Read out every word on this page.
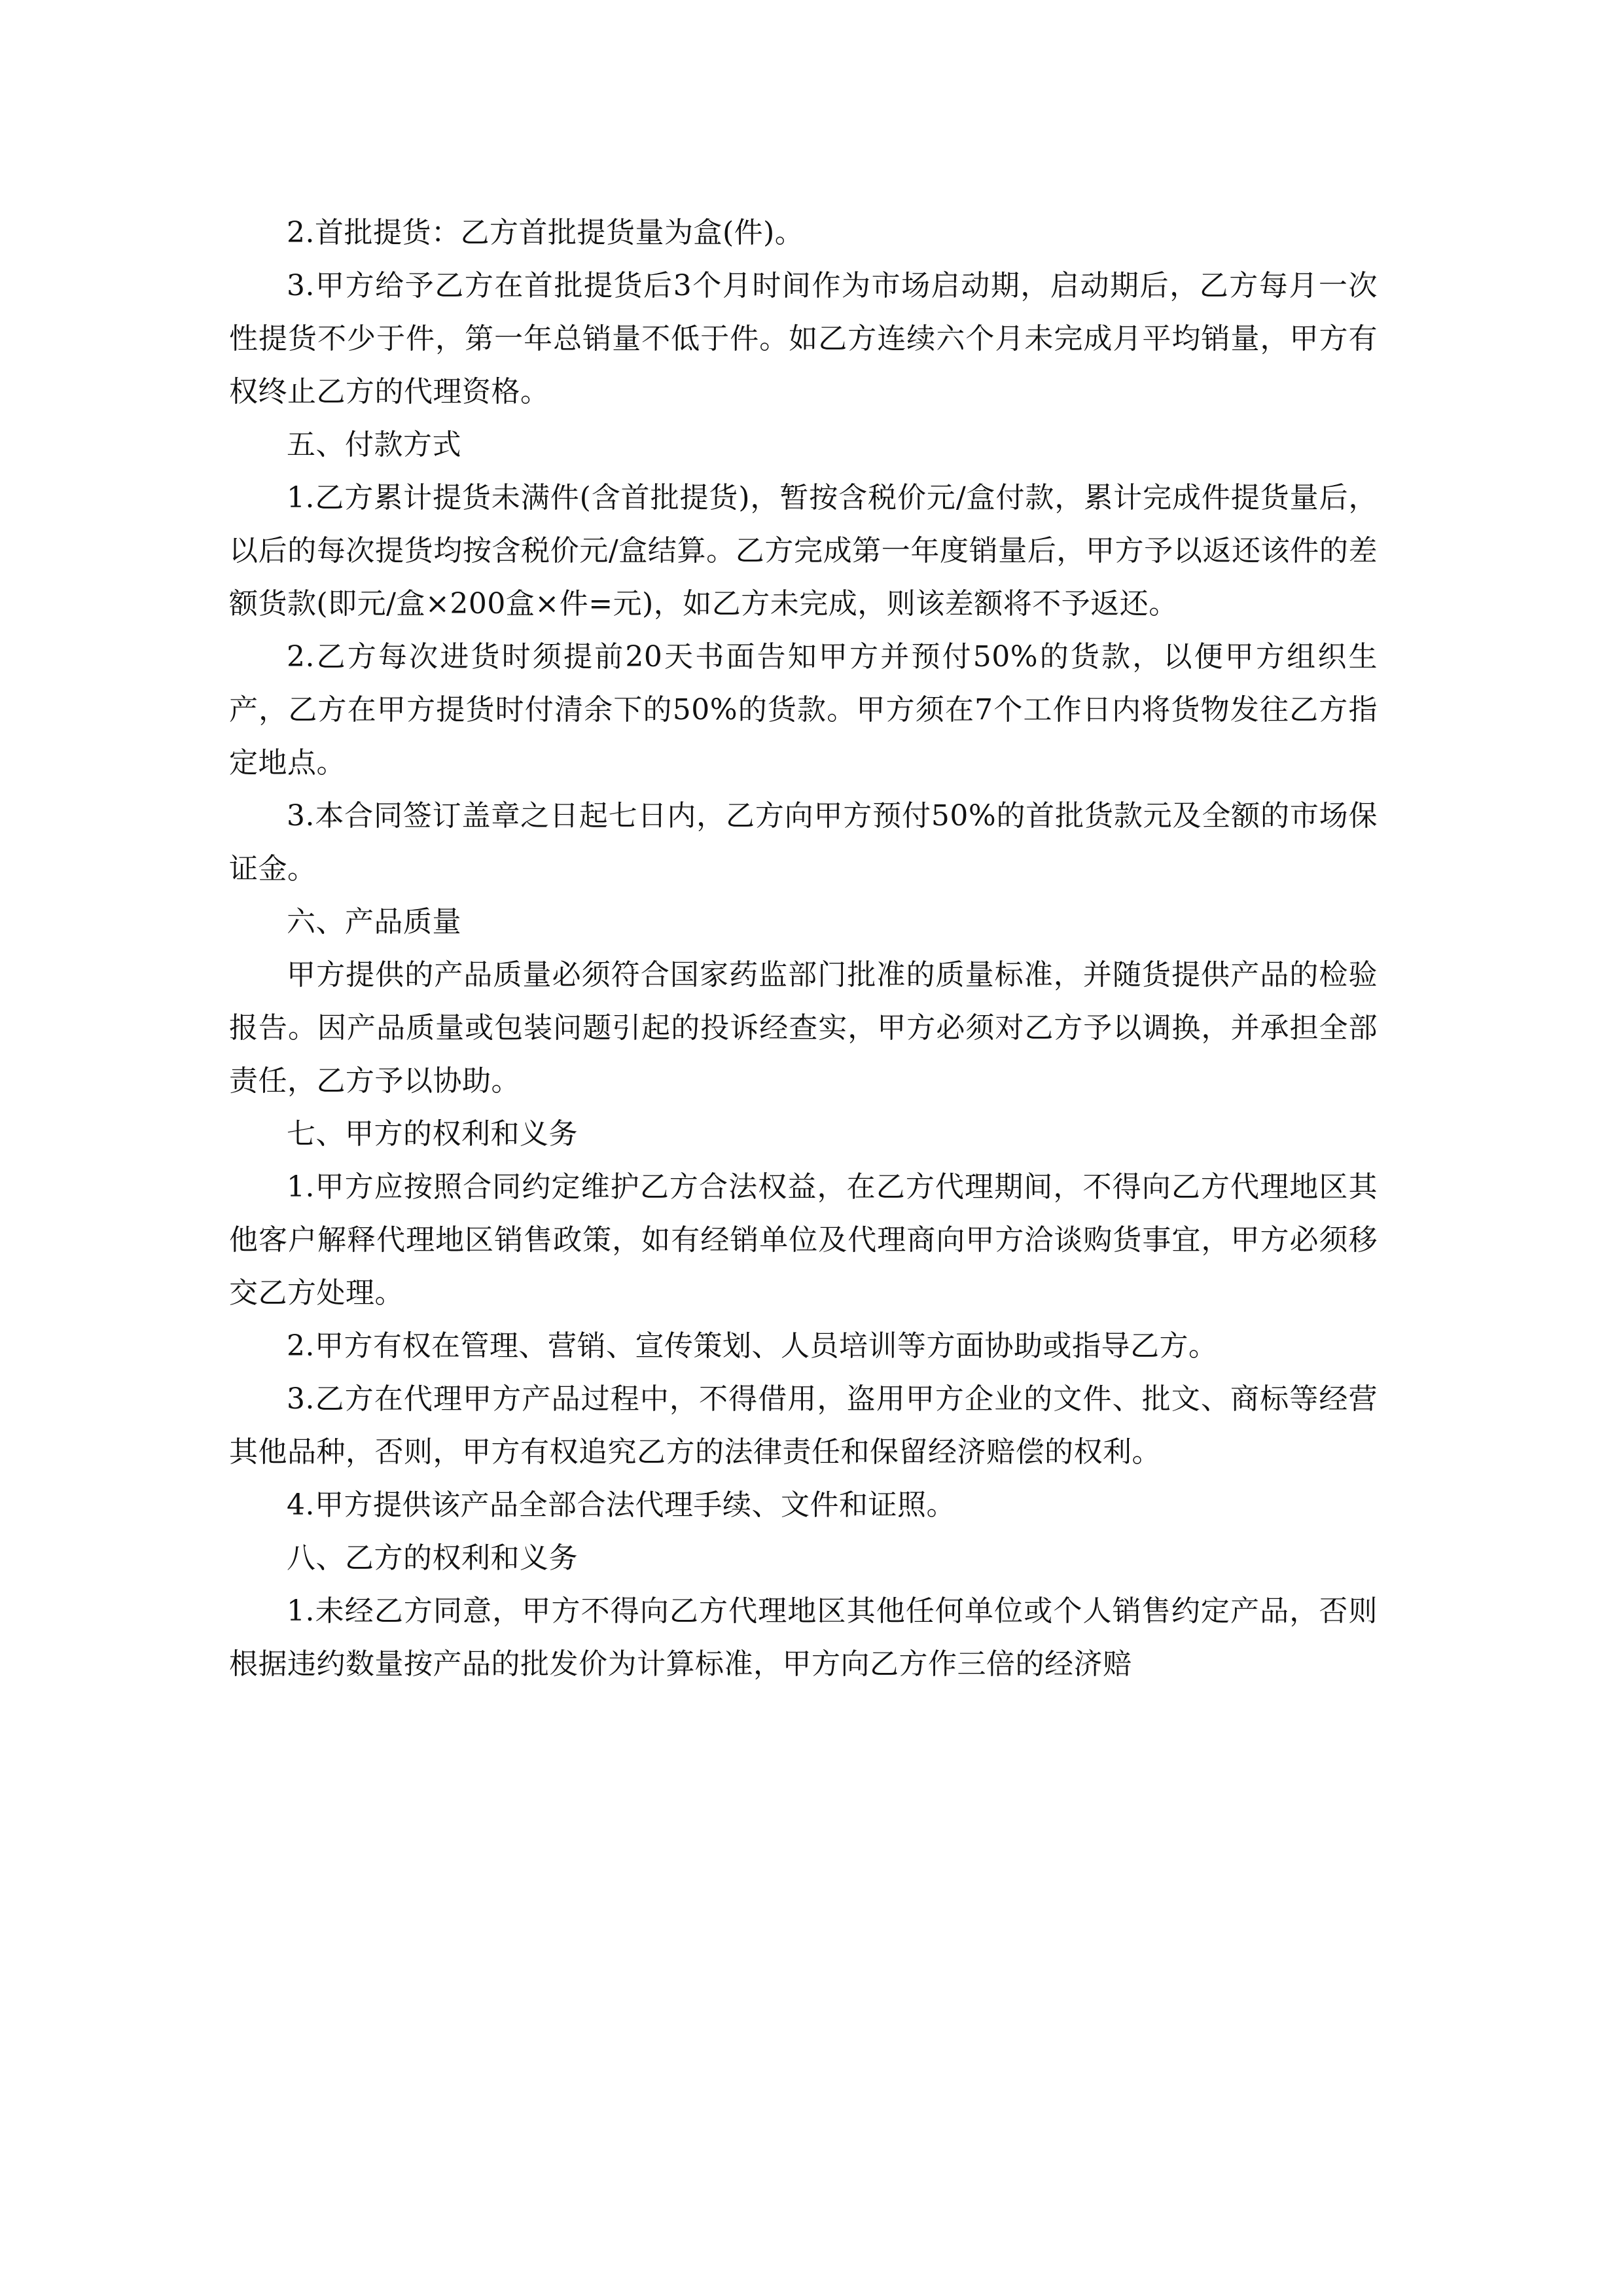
2.首批提货：乙方首批提货量为盒(件)。

3.甲方给予乙方在首批提货后3个月时间作为市场启动期，启动期后，乙方每月一次性提货不少于件，第一年总销量不低于件。如乙方连续六个月未完成月平均销量，甲方有权终止乙方的代理资格。

五、付款方式

1.乙方累计提货未满件(含首批提货)，暂按含税价元/盒付款，累计完成件提货量后，以后的每次提货均按含税价元/盒结算。乙方完成第一年度销量后，甲方予以返还该件的差额货款(即元/盒×200盒×件=元)，如乙方未完成，则该差额将不予返还。

2.乙方每次进货时须提前20天书面告知甲方并预付50%的货款，以便甲方组织生产，乙方在甲方提货时付清余下的50%的货款。甲方须在7个工作日内将货物发往乙方指定地点。

3.本合同签订盖章之日起七日内，乙方向甲方预付50%的首批货款元及全额的市场保证金。

六、产品质量

甲方提供的产品质量必须符合国家药监部门批准的质量标准，并随货提供产品的检验报告。因产品质量或包装问题引起的投诉经查实，甲方必须对乙方予以调换，并承担全部责任，乙方予以协助。

七、甲方的权利和义务

1.甲方应按照合同约定维护乙方合法权益，在乙方代理期间，不得向乙方代理地区其他客户解释代理地区销售政策，如有经销单位及代理商向甲方洽谈购货事宜，甲方必须移交乙方处理。

2.甲方有权在管理、营销、宣传策划、人员培训等方面协助或指导乙方。

3.乙方在代理甲方产品过程中，不得借用，盗用甲方企业的文件、批文、商标等经营其他品种，否则，甲方有权追究乙方的法律责任和保留经济赔偿的权利。

4.甲方提供该产品全部合法代理手续、文件和证照。

八、乙方的权利和义务

1.未经乙方同意，甲方不得向乙方代理地区其他任何单位或个人销售约定产品，否则根据违约数量按产品的批发价为计算标准，甲方向乙方作三倍的经济赔
